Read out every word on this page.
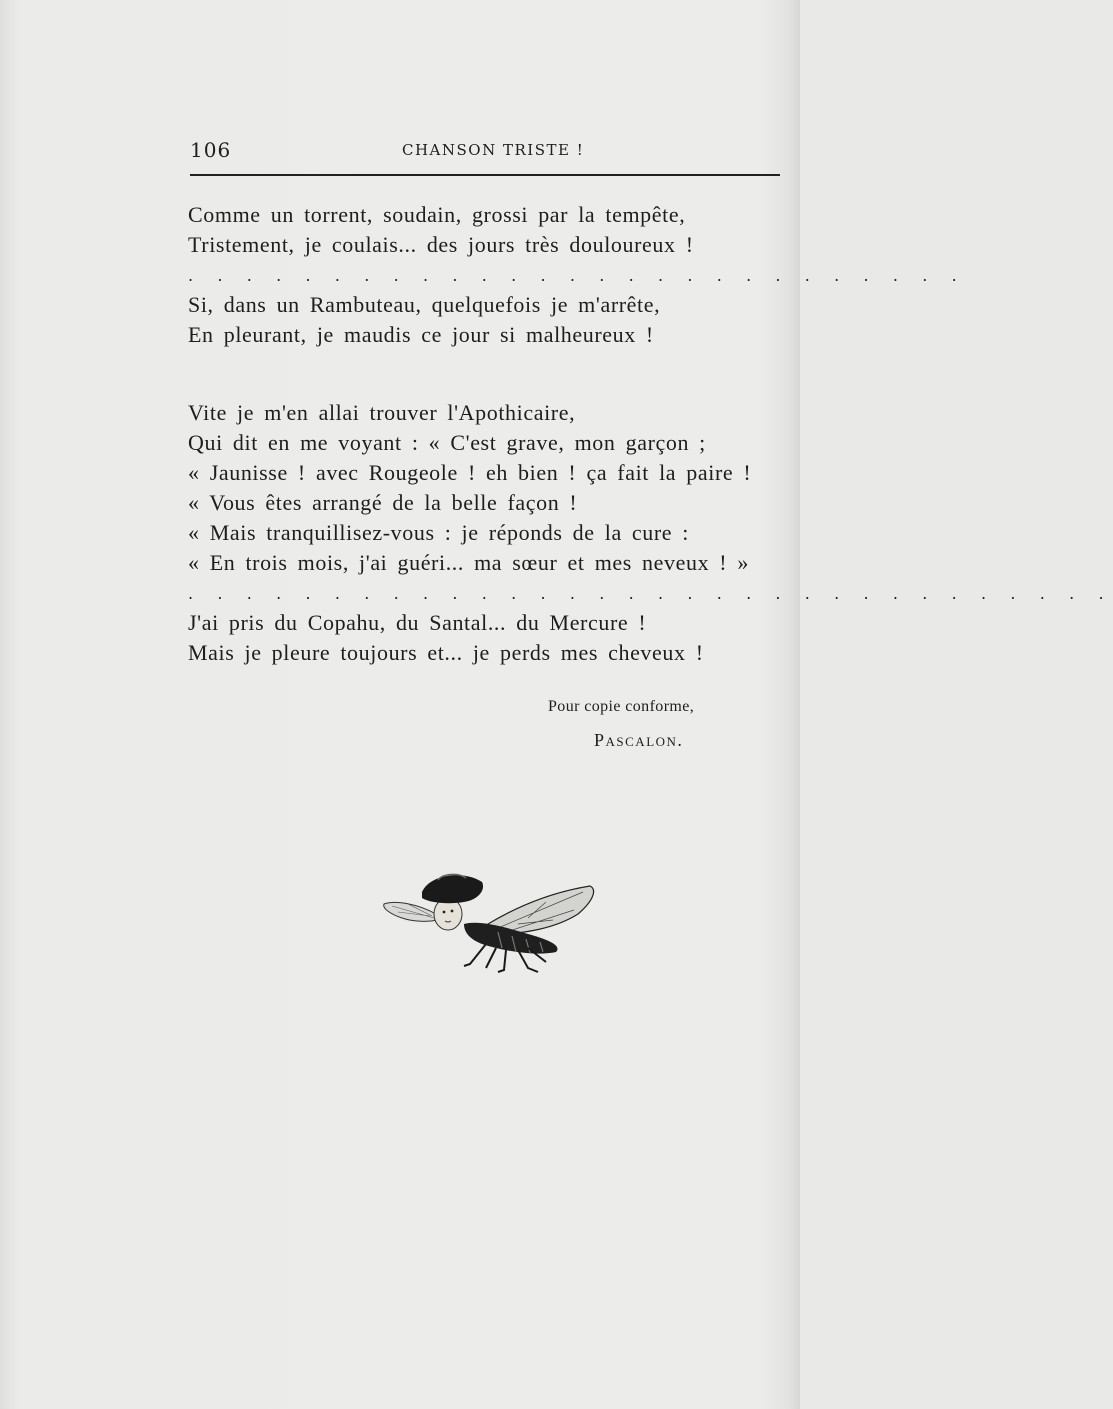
106	CHANSON TRISTE !
Comme un torrent, soudain, grossi par la tempête,
Tristement, je coulais... des jours très douloureux !
. . . . . . . . . . . . . . . . . . . . . . . . . . .
Si, dans un Rambuteau, quelquefois je m'arrête,
En pleurant, je maudis ce jour si malheureux !
Vite je m'en allai trouver l'Apothicaire,
Qui dit en me voyant : « C'est grave, mon garçon ;
« Jaunisse ! avec Rougeole ! eh bien ! ça fait la paire !
« Vous êtes arrangé de la belle façon !
« Mais tranquillisez-vous : je réponds de la cure :
« En trois mois, j'ai guéri... ma sœur et mes neveux ! »
. . . . . . . . . . . . . . . . . . . . . . . . . . . . . . . .
J'ai pris du Copahu, du Santal... du Mercure !
Mais je pleure toujours et... je perds mes cheveux !
Pour copie conforme,
Pascalon.
